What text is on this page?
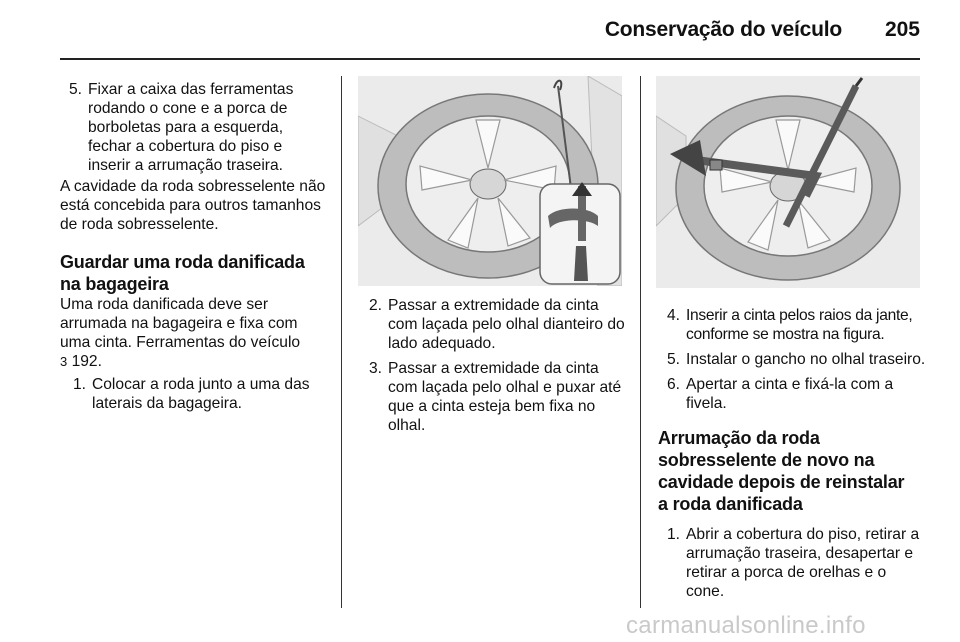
Conservação do veículo 205
5. Fixar a caixa das ferramentas rodando o cone e a porca de borboletas para a esquerda, fechar a cobertura do piso e inserir a arrumação traseira.

A cavidade da roda sobresselente não está concebida para outros tamanhos de roda sobresselente.

Guardar uma roda danificada na bagageira

Uma roda danificada deve ser arrumada na bagageira e fixa com uma cinta. Ferramentas do veículo
3 192.

1. Colocar a roda junto a uma das laterais da bagageira.
2. Passar a extremidade da cinta com laçada pelo olhal dianteiro do lado adequado.
3. Passar a extremidade da cinta com laçada pelo olhal e puxar até que a cinta esteja bem fixa no olhal.
4. Inserir a cinta pelos raios da jante, conforme se mostra na figura.
5. Instalar o gancho no olhal traseiro.
6. Apertar a cinta e fixá-la com a fivela.
Arrumação da roda sobresselente de novo na cavidade depois de reinstalar a roda danificada
1. Abrir a cobertura do piso, retirar a arrumação traseira, desapertar e retirar a porca de orelhas e o cone.
carmanualsonline.info
